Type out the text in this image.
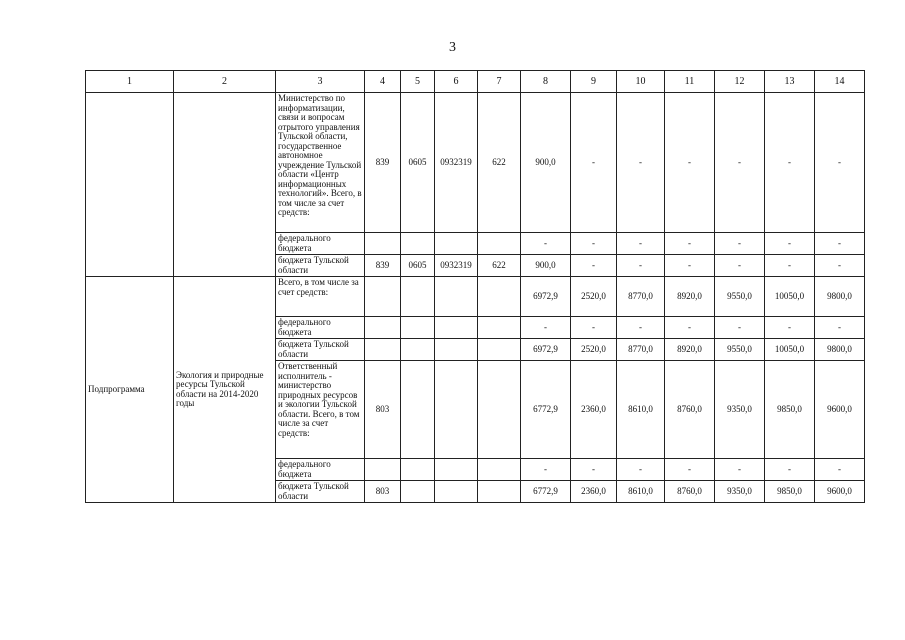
3
1	2	3	4	5	6	7	8	9	10	11	12	13	14
		Министерство по информатизации, связи и вопросам отрытого управления Тульской области, государственное автономное учреждение Тульской области «Центр информационных технологий». Всего, в том числе за счет средств:	839	0605	0932319	622	900,0	-	-	-	-	-	-
		федерального бюджета					-	-	-	-	-	-	-
		бюджета Тульской области	839	0605	0932319	622	900,0	-	-	-	-	-	-
Подпрограмма	Экология и природные ресурсы Тульской области на 2014-2020 годы	Всего, в том числе за счет средств:					6972,9	2520,0	8770,0	8920,0	9550,0	10050,0	9800,0
		федерального бюджета					-	-	-	-	-	-	-
		бюджета Тульской области					6972,9	2520,0	8770,0	8920,0	9550,0	10050,0	9800,0
		Ответственный исполнитель - министерство природных ресурсов и экологии Тульской области. Всего, в том числе за счет средств:	803				6772,9	2360,0	8610,0	8760,0	9350,0	9850,0	9600,0
		федерального бюджета					-	-	-	-	-	-	-
		бюджета Тульской области	803				6772,9	2360,0	8610,0	8760,0	9350,0	9850,0	9600,0
